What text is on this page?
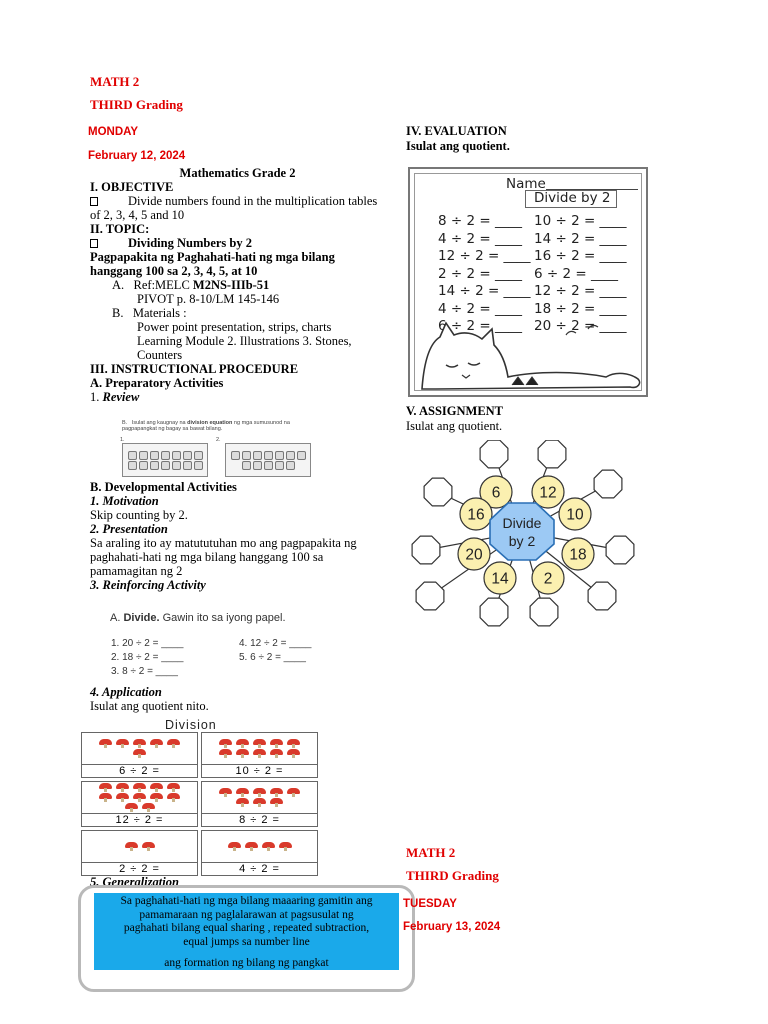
MATH 2
THIRD Grading
MONDAY
February 12, 2024
Mathematics Grade 2
I. OBJECTIVE
Divide numbers found in the multiplication tables of 2, 3, 4, 5 and 10
II. TOPIC:
Dividing Numbers by 2
Pagpapakita ng Paghahati-hati ng mga bilang hanggang 100 sa 2, 3, 4, 5, at 10
A. Ref:MELC M2NS-IIIb-51
PIVOT p. 8-10/LM 145-146
B. Materials :
Power point presentation, strips, charts
Learning Module 2. Illustrations 3. Stones, Counters
III. INSTRUCTIONAL PROCEDURE
A. Preparatory Activities
1. Review
B. Isulat ang kaugnay na division equation ng mga sumusunod na pagpapangkat ng bagay sa bawat bilang.
1.	2.
B. Developmental Activities
1. Motivation
Skip counting by 2.
2. Presentation
Sa araling ito ay matututuhan mo ang pagpapakita ng
paghahati-hati ng mga bilang hanggang 100 sa pamamagitan ng 2
3. Reinforcing Activity
A. Divide. Gawin ito sa iyong papel.
1. 20 ÷ 2 = ____	4. 12 ÷ 2 = ____
2. 18 ÷ 2 = ____	5. 6 ÷ 2 = ____
3. 8 ÷ 2 = ____
4. Application
Isulat ang quotient nito.
Division
6 ÷ 2 =	10 ÷ 2 =
12 ÷ 2 =	8 ÷ 2 =
2 ÷ 2 =	4 ÷ 2 =
5. Generalization
Sa paghahati-hati ng mga bilang maaaring gamitin ang
pamamaraan ng paglalarawan at pagsusulat ng
paghahati bilang equal sharing , repeated subtraction,
equal jumps sa number line
ang formation ng bilang ng pangkat
IV. EVALUATION
Isulat ang quotient.
Name
Divide by 2
8 ÷ 2 = ____ 10 ÷ 2 = ____
4 ÷ 2 = ____ 14 ÷ 2 = ____
12 ÷ 2 = ____ 16 ÷ 2 = ____
2 ÷ 2 = ____ 6 ÷ 2 = ____
14 ÷ 2 = ____ 12 ÷ 2 = ____
4 ÷ 2 = ____ 18 ÷ 2 = ____
6 ÷ 2 = ____ 20 ÷ 2 = ____
V. ASSIGNMENT
Isulat ang quotient.
6	12
10
18
2
14
20
16 Divide
by 2
MATH 2
THIRD Grading
TUESDAY
February 13, 2024
